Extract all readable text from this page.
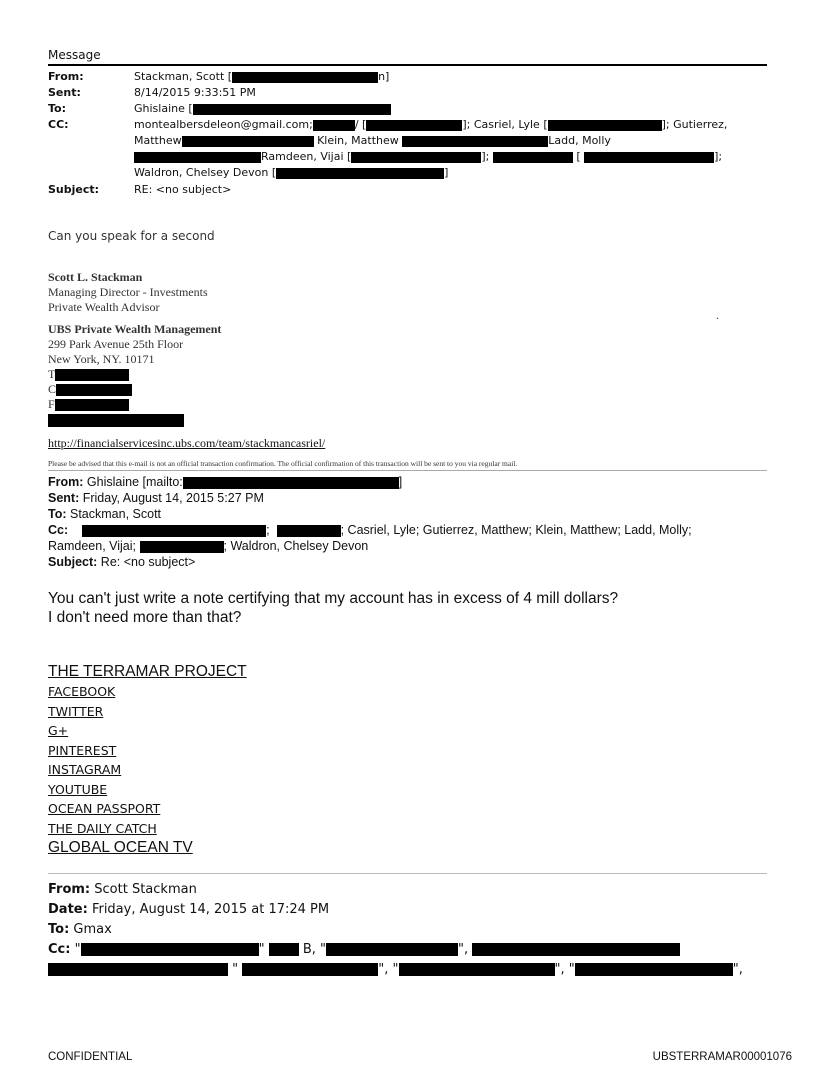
Message
From:	Stackman, Scott [	n]
Sent:	8/14/2015 9:33:51 PM
To:	Ghislaine [
CC:	montealbersdeleon@gmail.com;	/ [	]; Casriel, Lyle [	]; Gutierrez,
Matthew	Klein, Matthew	Ladd, Molly
Ramdeen, Vijai [	];	[	];
Waldron, Chelsey Devon [	]
Subject:	RE: <no subject>
Can you speak for a second
Scott L. Stackman
Managing Director - Investments
Private Wealth Advisor
.
UBS Private Wealth Management
299 Park Avenue 25th Floor
New York, NY. 10171
T
C
F
http://financialservicesinc.ubs.com/team/stackmancasriel/
Please be advised that this e-mail is not an official transaction confirmation. The official confirmation of this transaction will be sent to you via regular mail.
From: Ghislaine [mailto:	]
Sent: Friday, August 14, 2015 5:27 PM
To: Stackman, Scott
Cc:	;	; Casriel, Lyle; Gutierrez, Matthew; Klein, Matthew; Ladd, Molly;
Ramdeen, Vijai;	; Waldron, Chelsey Devon
Subject: Re: <no subject>
You can't just write a note certifying that my account has in excess of 4 mill dollars?
I don't need more than that?
THE TERRAMAR PROJECT
FACEBOOK
TWITTER
G+
PINTEREST
INSTAGRAM
YOUTUBE
OCEAN PASSPORT
THE DAILY CATCH
GLOBAL OCEAN TV
From: Scott Stackman
Date: Friday, August 14, 2015 at 17:24 PM
To: Gmax
Cc: "	"	B, "	",
"	", "	", "	",
CONFIDENTIAL	UBSTERRAMAR00001076
